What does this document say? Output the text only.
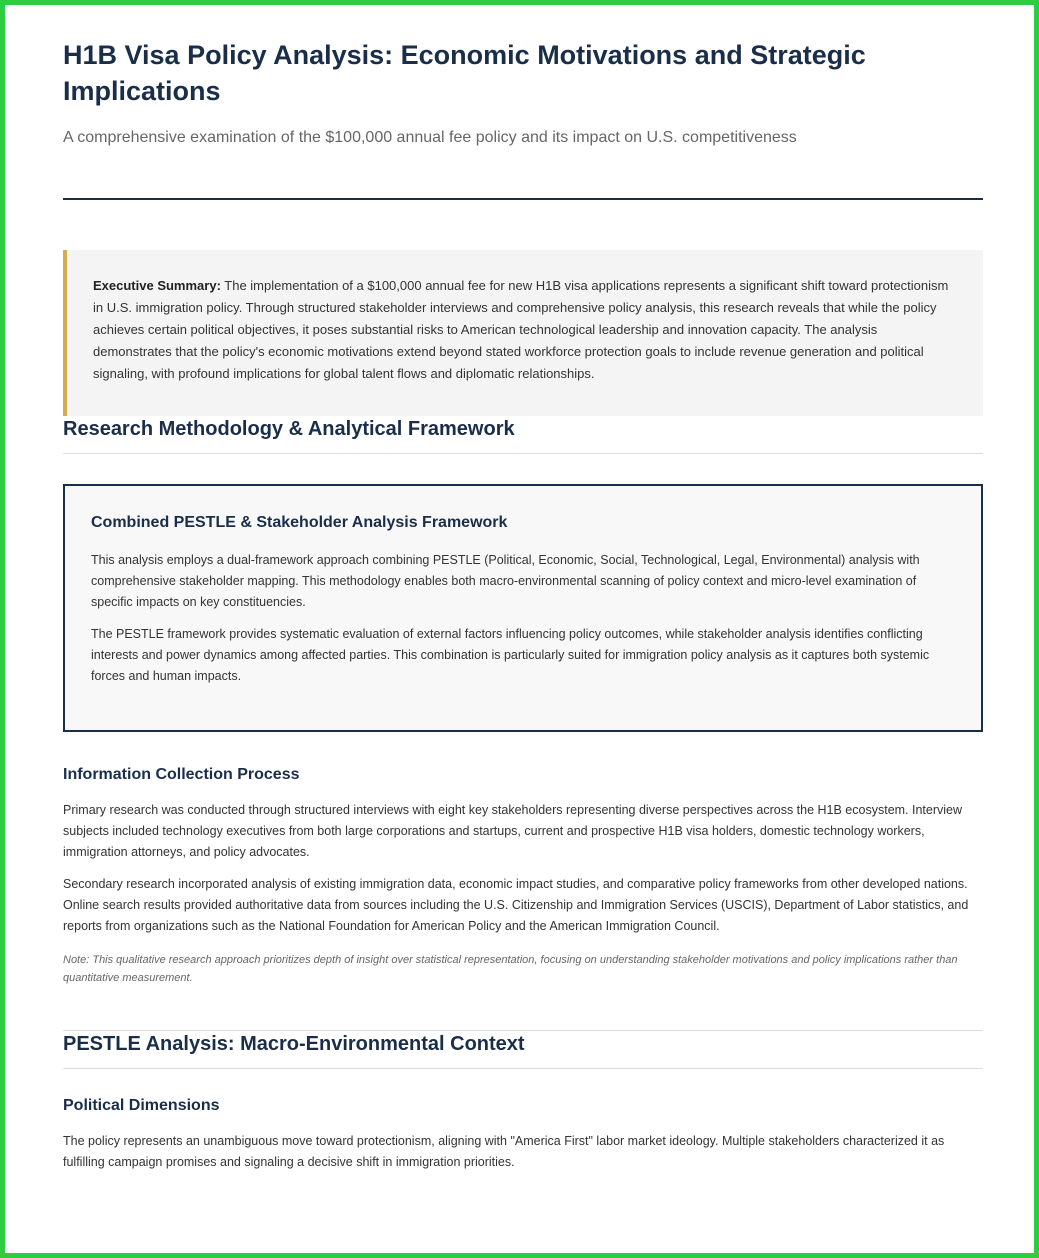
H1B Visa Policy Analysis: Economic Motivations and Strategic Implications

A comprehensive examination of the $100,000 annual fee policy and its impact on U.S. competitiveness

Executive Summary: The implementation of a $100,000 annual fee for new H1B visa applications represents a significant shift toward protectionism in U.S. immigration policy. Through structured stakeholder interviews and comprehensive policy analysis, this research reveals that while the policy achieves certain political objectives, it poses substantial risks to American technological leadership and innovation capacity. The analysis demonstrates that the policy's economic motivations extend beyond stated workforce protection goals to include revenue generation and political signaling, with profound implications for global talent flows and diplomatic relationships.
Research Methodology & Analytical Framework
Combined PESTLE & Stakeholder Analysis Framework

This analysis employs a dual-framework approach combining PESTLE (Political, Economic, Social, Technological, Legal, Environmental) analysis with comprehensive stakeholder mapping. This methodology enables both macro-environmental scanning of policy context and micro-level examination of specific impacts on key constituencies.

The PESTLE framework provides systematic evaluation of external factors influencing policy outcomes, while stakeholder analysis identifies conflicting interests and power dynamics among affected parties. This combination is particularly suited for immigration policy analysis as it captures both systemic forces and human impacts.

Information Collection Process

Primary research was conducted through structured interviews with eight key stakeholders representing diverse perspectives across the H1B ecosystem. Interview subjects included technology executives from both large corporations and startups, current and prospective H1B visa holders, domestic technology workers, immigration attorneys, and policy advocates.

Secondary research incorporated analysis of existing immigration data, economic impact studies, and comparative policy frameworks from other developed nations. Online search results provided authoritative data from sources including the U.S. Citizenship and Immigration Services (USCIS), Department of Labor statistics, and reports from organizations such as the National Foundation for American Policy and the American Immigration Council.

Note: This qualitative research approach prioritizes depth of insight over statistical representation, focusing on understanding stakeholder motivations and policy implications rather than quantitative measurement.

PESTLE Analysis: Macro-Environmental Context
Political Dimensions

The policy represents an unambiguous move toward protectionism, aligning with "America First" labor market ideology. Multiple stakeholders characterized it as fulfilling campaign promises and signaling a decisive shift in immigration priorities.
